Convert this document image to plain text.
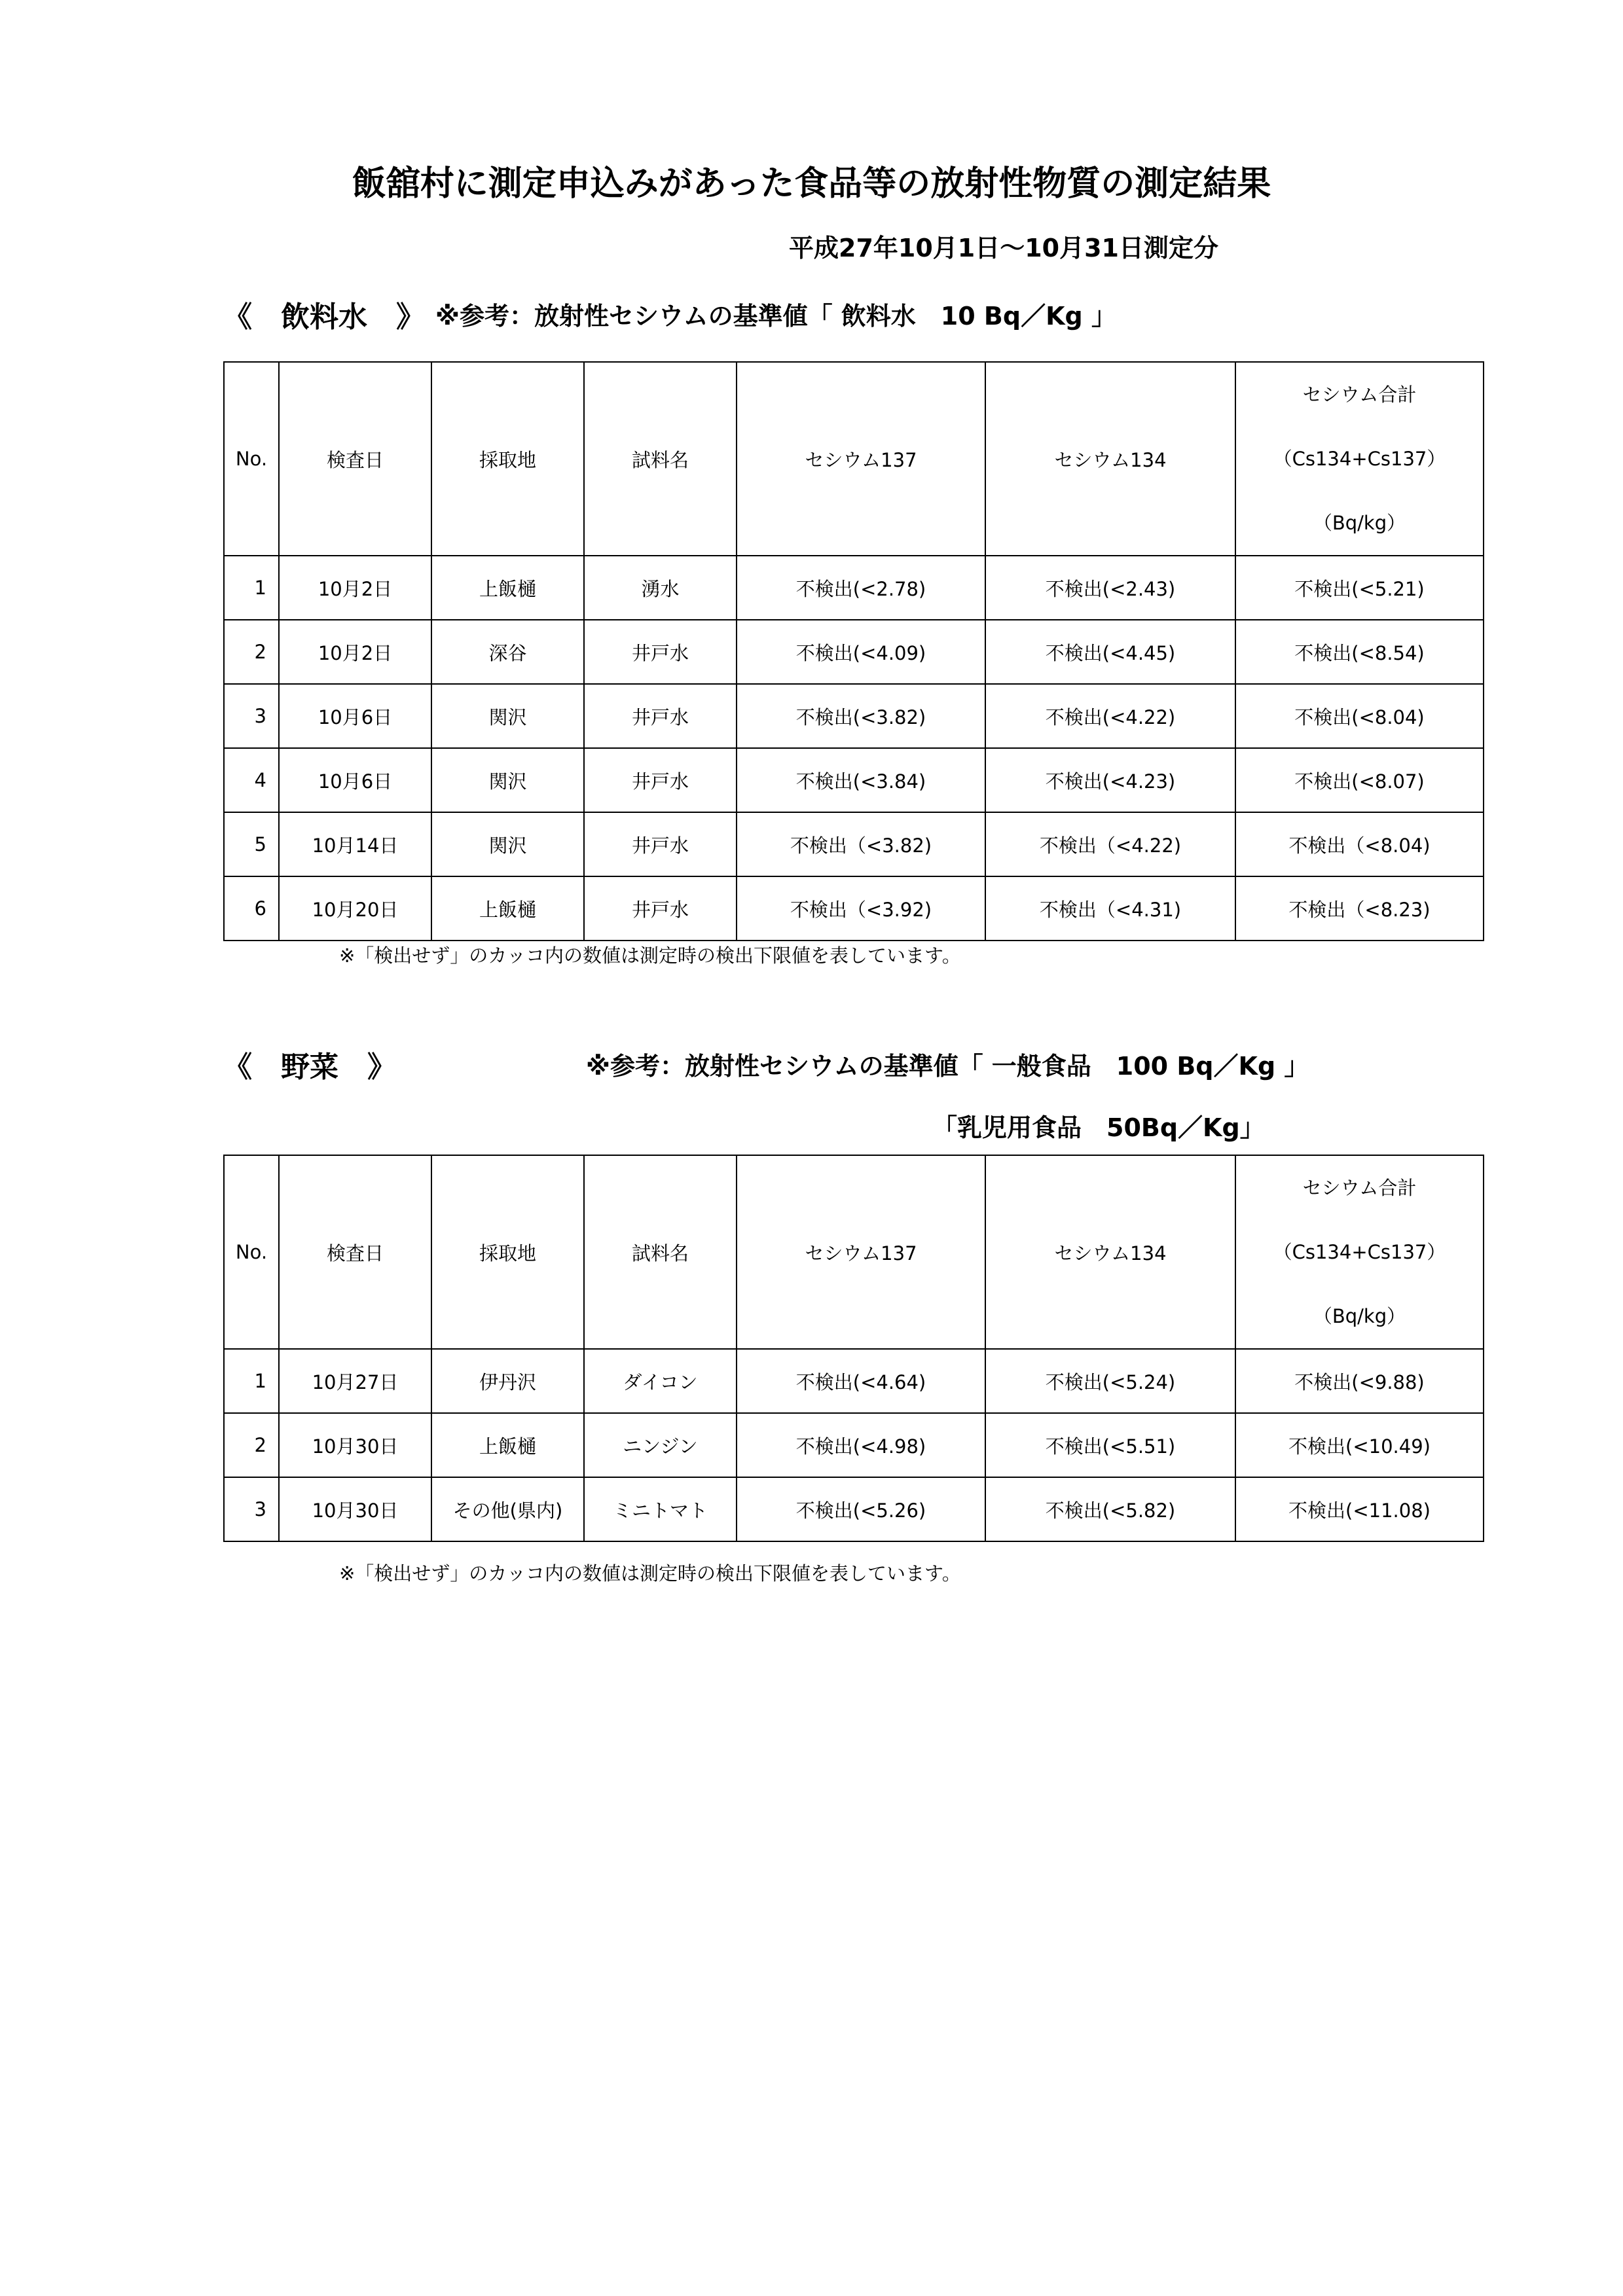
飯舘村に測定申込みがあった食品等の放射性物質の測定結果
平成27年10月1日～10月31日測定分
《　飲料水　》 ※参考：放射性セシウムの基準値「 飲料水　10 Bq／Kg 」
No.	検査日	採取地	試料名	セシウム137	セシウム134	セシウム合計
（Cs134+Cs137）
（Bq/kg）

1	10月2日	上飯樋	湧水	不検出(<2.78)	不検出(<2.43)	不検出(<5.21)
2	10月2日	深谷	井戸水	不検出(<4.09)	不検出(<4.45)	不検出(<8.54)
3	10月6日	関沢	井戸水	不検出(<3.82)	不検出(<4.22)	不検出(<8.04)
4	10月6日	関沢	井戸水	不検出(<3.84)	不検出(<4.23)	不検出(<8.07)
5	10月14日	関沢	井戸水	不検出（<3.82)	不検出（<4.22)	不検出（<8.04)
6	10月20日	上飯樋	井戸水	不検出（<3.92)	不検出（<4.31)	不検出（<8.23)
※「検出せず」のカッコ内の数値は測定時の検出下限値を表しています。
《　野菜　》	※参考：放射性セシウムの基準値「 一般食品　100 Bq／Kg 」
「乳児用食品　50Bq／Kg」
No.	検査日	採取地	試料名	セシウム137	セシウム134	セシウム合計
（Cs134+Cs137）
（Bq/kg）

1	10月27日	伊丹沢	ダイコン	不検出(<4.64)	不検出(<5.24)	不検出(<9.88)
2	10月30日	上飯樋	ニンジン	不検出(<4.98)	不検出(<5.51)	不検出(<10.49)
3	10月30日	その他(県内)	ミニトマト	不検出(<5.26)	不検出(<5.82)	不検出(<11.08)
※「検出せず」のカッコ内の数値は測定時の検出下限値を表しています。
